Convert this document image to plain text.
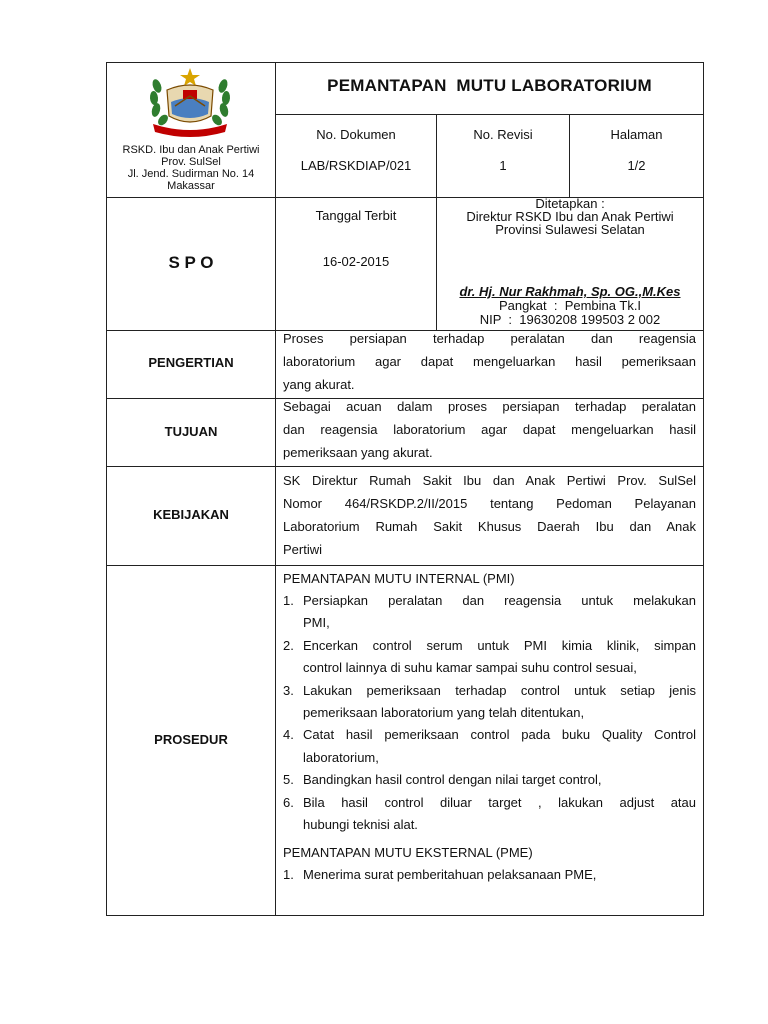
SULAWESI SELATAN
RSKD. Ibu dan Anak Pertiwi
Prov. SulSel
Jl. Jend. Sudirman No. 14
Makassar
PEMANTAPAN  MUTU LABORATORIUM
No. Dokumen
LAB/RSKDIAP/021
No. Revisi
1
Halaman
1/2
S P O
Tanggal Terbit
16-02-2015
Ditetapkan :
Direktur RSKD Ibu dan Anak Pertiwi
Provinsi Sulawesi Selatan
dr. Hj. Nur Rakhmah, Sp. OG.,M.Kes
Pangkat  :  Pembina Tk.I
NIP  :  19630208 199503 2 002
PENGERTIAN
Proses persiapan terhadap peralatan dan reagensia
laboratorium agar dapat mengeluarkan hasil pemeriksaan
yang akurat.
TUJUAN
Sebagai acuan dalam proses persiapan terhadap peralatan
dan reagensia laboratorium agar dapat mengeluarkan hasil
pemeriksaan yang akurat.
KEBIJAKAN
SK Direktur Rumah Sakit Ibu dan Anak Pertiwi Prov. SulSel
Nomor 464/RSKDP.2/II/2015 tentang Pedoman Pelayanan
Laboratorium Rumah Sakit Khusus Daerah Ibu dan Anak
Pertiwi
PROSEDUR
PEMANTAPAN MUTU INTERNAL (PMI)
1. Persiapkan peralatan dan reagensia untuk melakukan
PMI,
2. Encerkan control serum untuk PMI kimia klinik, simpan
control lainnya di suhu kamar sampai suhu control sesuai,
3. Lakukan pemeriksaan terhadap control untuk setiap jenis
pemeriksaan laboratorium yang telah ditentukan,
4. Catat hasil pemeriksaan control pada buku Quality Control
laboratorium,
5. Bandingkan hasil control dengan nilai target control,
6. Bila hasil control diluar target , lakukan adjust atau
hubungi teknisi alat.
PEMANTAPAN MUTU EKSTERNAL (PME)
1. Menerima surat pemberitahuan pelaksanaan PME,
